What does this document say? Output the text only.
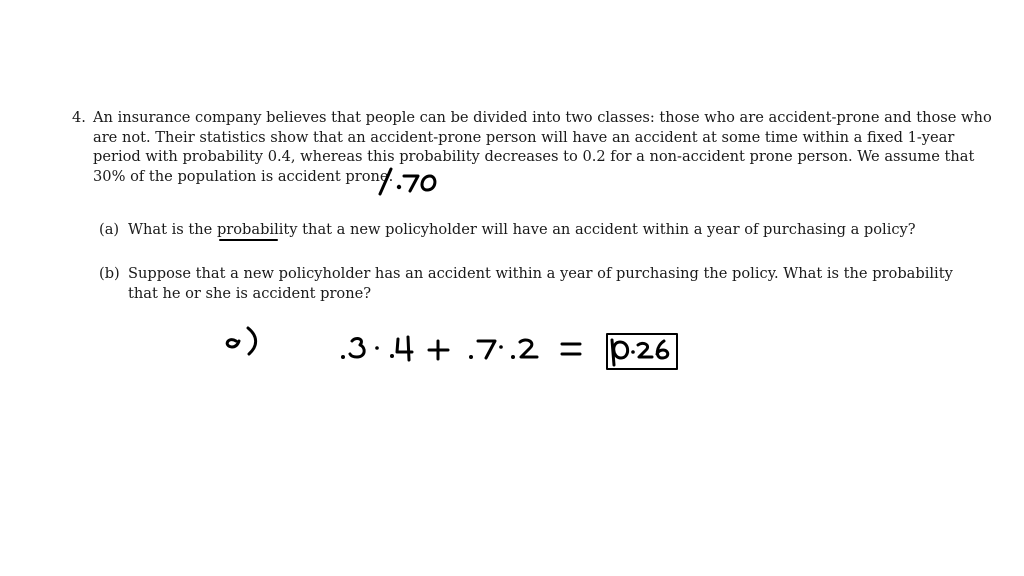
4. An insurance company believes that people can be divided into two classes: those who are accident-prone and those who
are not. Their statistics show that an accident-prone person will have an accident at some time within a fixed 1-year
period with probability 0.4, whereas this probability decreases to 0.2 for a non-accident prone person. We assume that
30% of the population is accident prone.
(a) What is the probability that a new policyholder will have an accident within a year of purchasing a policy?
(b) Suppose that a new policyholder has an accident within a year of purchasing the policy. What is the probability
that he or she is accident prone?
